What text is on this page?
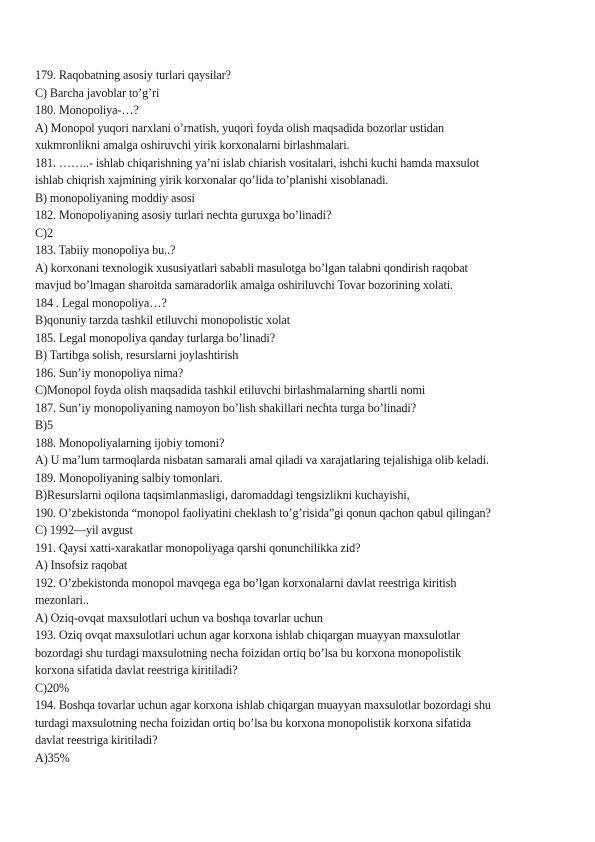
179. Raqobatning asosiy turlari qaysilar?
C) Barcha javoblar to’g’ri
180. Monopoliya-…?
A) Monopol yuqori narxlani o’rnatish, yuqori foyda olish maqsadida bozorlar ustidan
xukmronlikni amalga oshiruvchi yirik korxonalarni birlashmalari.
181. ……..- ishlab chiqarishning ya’ni islab chiarish vositalari, ishchi kuchi hamda maxsulot
ishlab chiqrish xajmining yirik korxonalar qo’lida to’planishi xisoblanadi.
B) monopoliyaning moddiy asosi
182. Monopoliyaning asosiy turlari nechta guruxga bo’linadi?
C)2
183. Tabiiy monopoliya bu..?
A) korxonani texnologik xususiyatlari sababli masulotga bo’lgan talabni qondirish raqobat
mavjud bo’lmagan sharoitda samaradorlik amalga oshiriluvchi Tovar bozorining xolati.
184 . Legal monopoliya…?
B)qonuniy tarzda tashkil etiluvchi monopolistic xolat
185. Legal monopoliya qanday turlarga bo’linadi?
B) Tartibga solish, resurslarni joylashtirish
186. Sun’iy monopoliya nima?
C)Monopol foyda olish maqsadida tashkil etiluvchi birlashmalarning shartli nomi
187. Sun’iy monopoliyaning namoyon bo’lish shakillari nechta turga bo’linadi?
B)5
188. Monopoliyalarning ijobiy tomoni?
A) U ma’lum tarmoqlarda nisbatan samarali amal qiladi va xarajatlaring tejalishiga olib keladi.
189. Monopoliyaning salbiy tomonlari.
B)Resurslarni oqilona taqsimlanmasligi, daromaddagi tengsizlikni kuchayishi,
190. O’zbekistonda “monopol faoliyatini cheklash to’g’risida”gi qonun qachon qabul qilingan?
C) 1992—yil avgust
191. Qaysi xatti-xarakatlar monopoliyaga qarshi qonunchilikka zid?
A) Insofsiz raqobat
192. O’zbekistonda monopol mavqega ega bo’lgan korxonalarni davlat reestriga kiritish
mezonlari..
A) Oziq-ovqat maxsulotlari uchun va boshqa tovarlar uchun
193. Oziq ovqat maxsulotlari uchun agar korxona ishlab chiqargan muayyan maxsulotlar
bozordagi shu turdagi maxsulotning necha foizidan ortiq bo’lsa bu korxona monopolistik
korxona sifatida davlat reestriga kiritiladi?
C)20%
194. Boshqa tovarlar uchun agar korxona ishlab chiqargan muayyan maxsulotlar bozordagi shu
turdagi maxsulotning necha foizidan ortiq bo’lsa bu korxona monopolistik korxona sifatida
davlat reestriga kiritiladi?
A)35%
